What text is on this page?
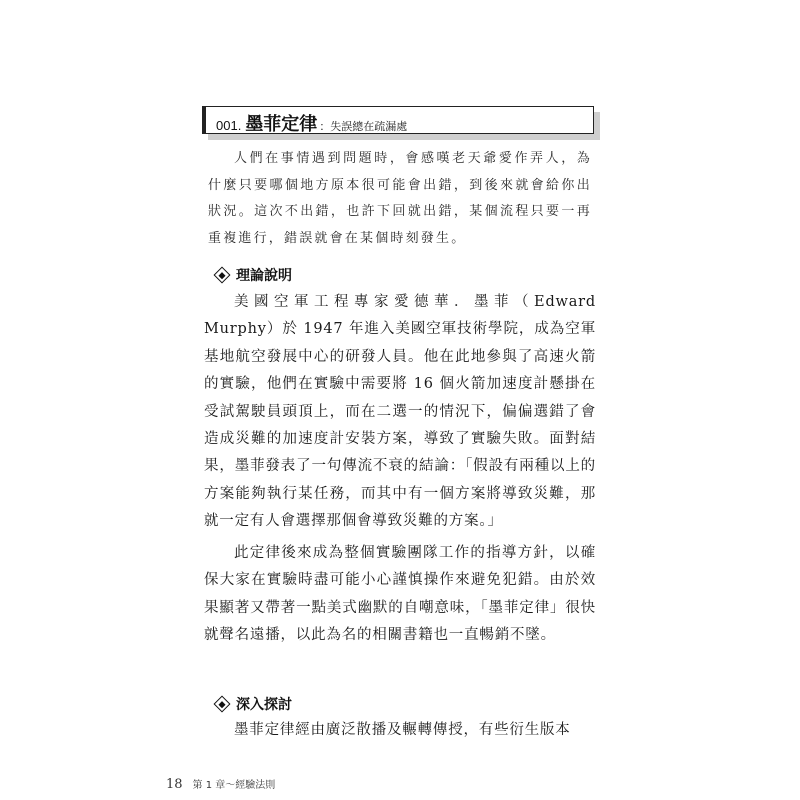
001. 墨菲定律 ：失誤總在疏漏處

人們在事情遇到問題時，會感嘆老天爺愛作弄人，為什麼只要哪個地方原本很可能會出錯，到後來就會給你出狀況。這次不出錯，也許下回就出錯，某個流程只要一再重複進行，錯誤就會在某個時刻發生。

理論說明

美國空軍工程專家愛德華．墨菲（Edward Murphy）於 1947 年進入美國空軍技術學院，成為空軍基地航空發展中心的研發人員。他在此地參與了高速火箭的實驗，他們在實驗中需要將 16 個火箭加速度計懸掛在受試駕駛員頭頂上，而在二選一的情況下，偏偏選錯了會造成災難的加速度計安裝方案，導致了實驗失敗。面對結果，墨菲發表了一句傳流不衰的結論：「假設有兩種以上的方案能夠執行某任務，而其中有一個方案將導致災難，那就一定有人會選擇那個會導致災難的方案。」

此定律後來成為整個實驗團隊工作的指導方針，以確保大家在實驗時盡可能小心謹慎操作來避免犯錯。由於效果顯著又帶著一點美式幽默的自嘲意味，「墨菲定律」很快就聲名遠播，以此為名的相關書籍也一直暢銷不墜。

深入探討

墨菲定律經由廣泛散播及輾轉傳授，有些衍生版本

18 第 1 章～經驗法則
